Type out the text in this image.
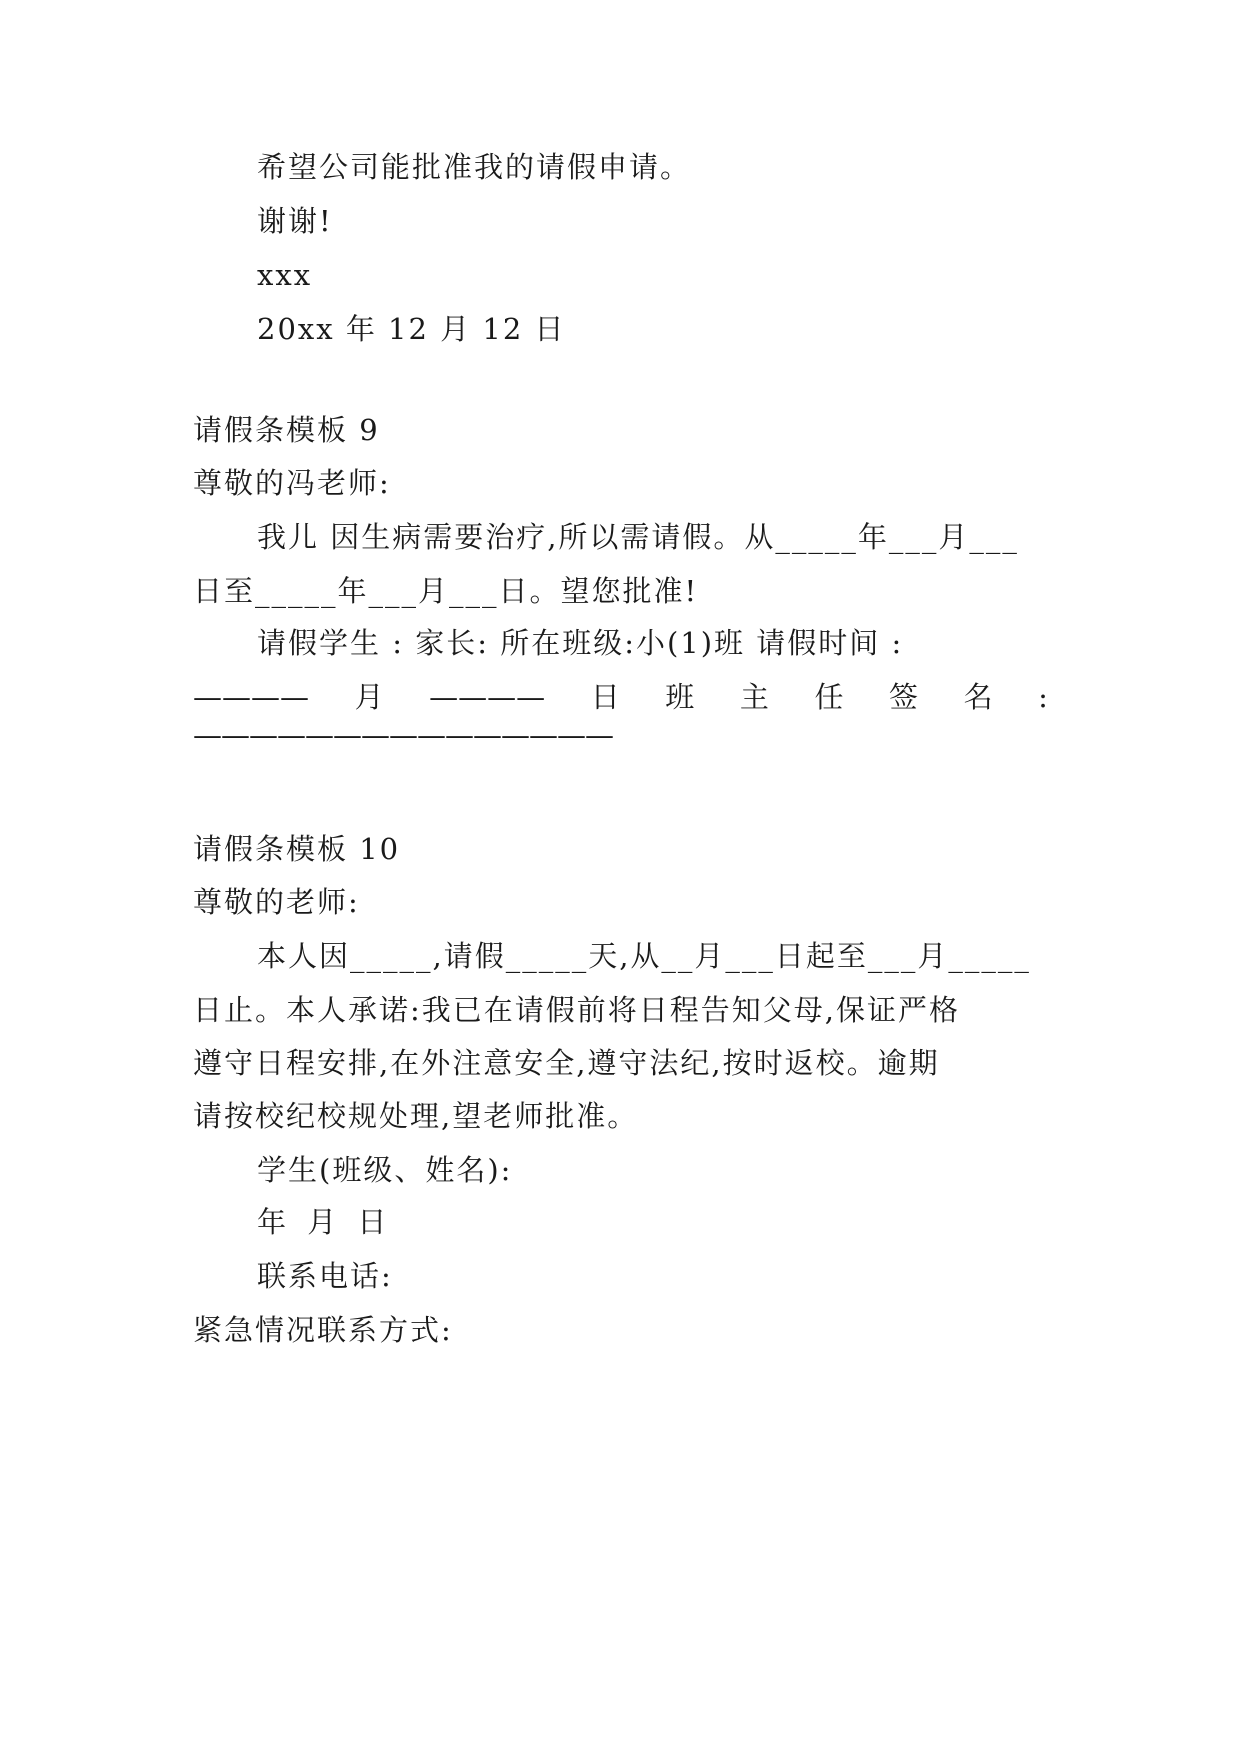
希望公司能批准我的请假申请。
谢谢!
xxx
20xx 年 12 月 12 日
请假条模板 9
尊敬的冯老师:
我儿 因生病需要治疗,所以需请假。从_____年___月___
日至_____年___月___日。望您批准!
请假学生 : 家长: 所在班级:小(1)班 请假时间 :
———— 月 ———— 日 班 主 任 签 名 :
———————————————
请假条模板 10
尊敬的老师:
本人因_____,请假_____天,从__月___日起至___月_____
日止。本人承诺:我已在请假前将日程告知父母,保证严格
遵守日程安排,在外注意安全,遵守法纪,按时返校。逾期
请按校纪校规处理,望老师批准。
学生(班级、姓名):
年 月 日
联系电话:
紧急情况联系方式:
